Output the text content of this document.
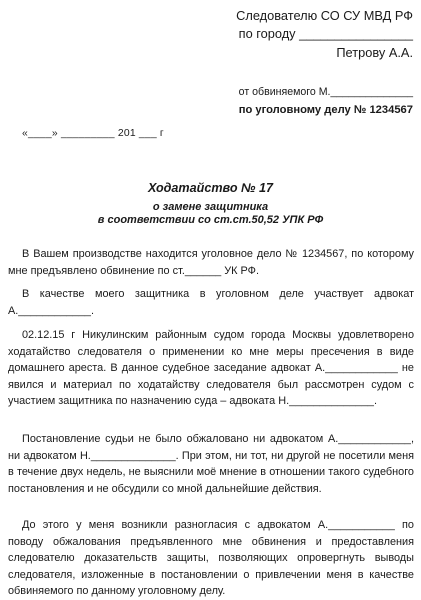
Следователю СО СУ МВД РФ
по городу ________________
Петрову А.А.
от обвиняемого М.______________
по уголовному делу № 1234567
«____» _________ 201 ___ г
Ходатайство № 17
о замене защитника
в соответствии со ст.ст.50,52 УПК РФ

В Вашем производстве находится уголовное дело № 1234567, по которому мне предъявлено обвинение по ст.______ УК РФ.

В качестве моего защитника в уголовном деле участвует адвокат А.____________.

02.12.15 г Никулинским районным судом города Москвы удовлетворено ходатайство следователя о применении ко мне меры пресечения в виде домашнего ареста. В данное судебное заседание адвокат А.____________ не явился и материал по ходатайству следователя был рассмотрен судом с участием защитника по назначению суда – адвоката Н.______________.

Постановление судьи не было обжаловано ни адвокатом А.____________, ни адвокатом Н.______________. При этом, ни тот, ни другой не посетили меня в течение двух недель, не выяснили моё мнение в отношении такого судебного постановления и не обсудили со мной дальнейшие действия.

До этого у меня возникли разногласия с адвокатом А.___________ по поводу обжалования предъявленного мне обвинения и предоставления следователю доказательств защиты, позволяющих опровергнуть выводы следователя, изложенные в постановлении о привлечении меня в качестве обвиняемого по данному уголовному делу.
